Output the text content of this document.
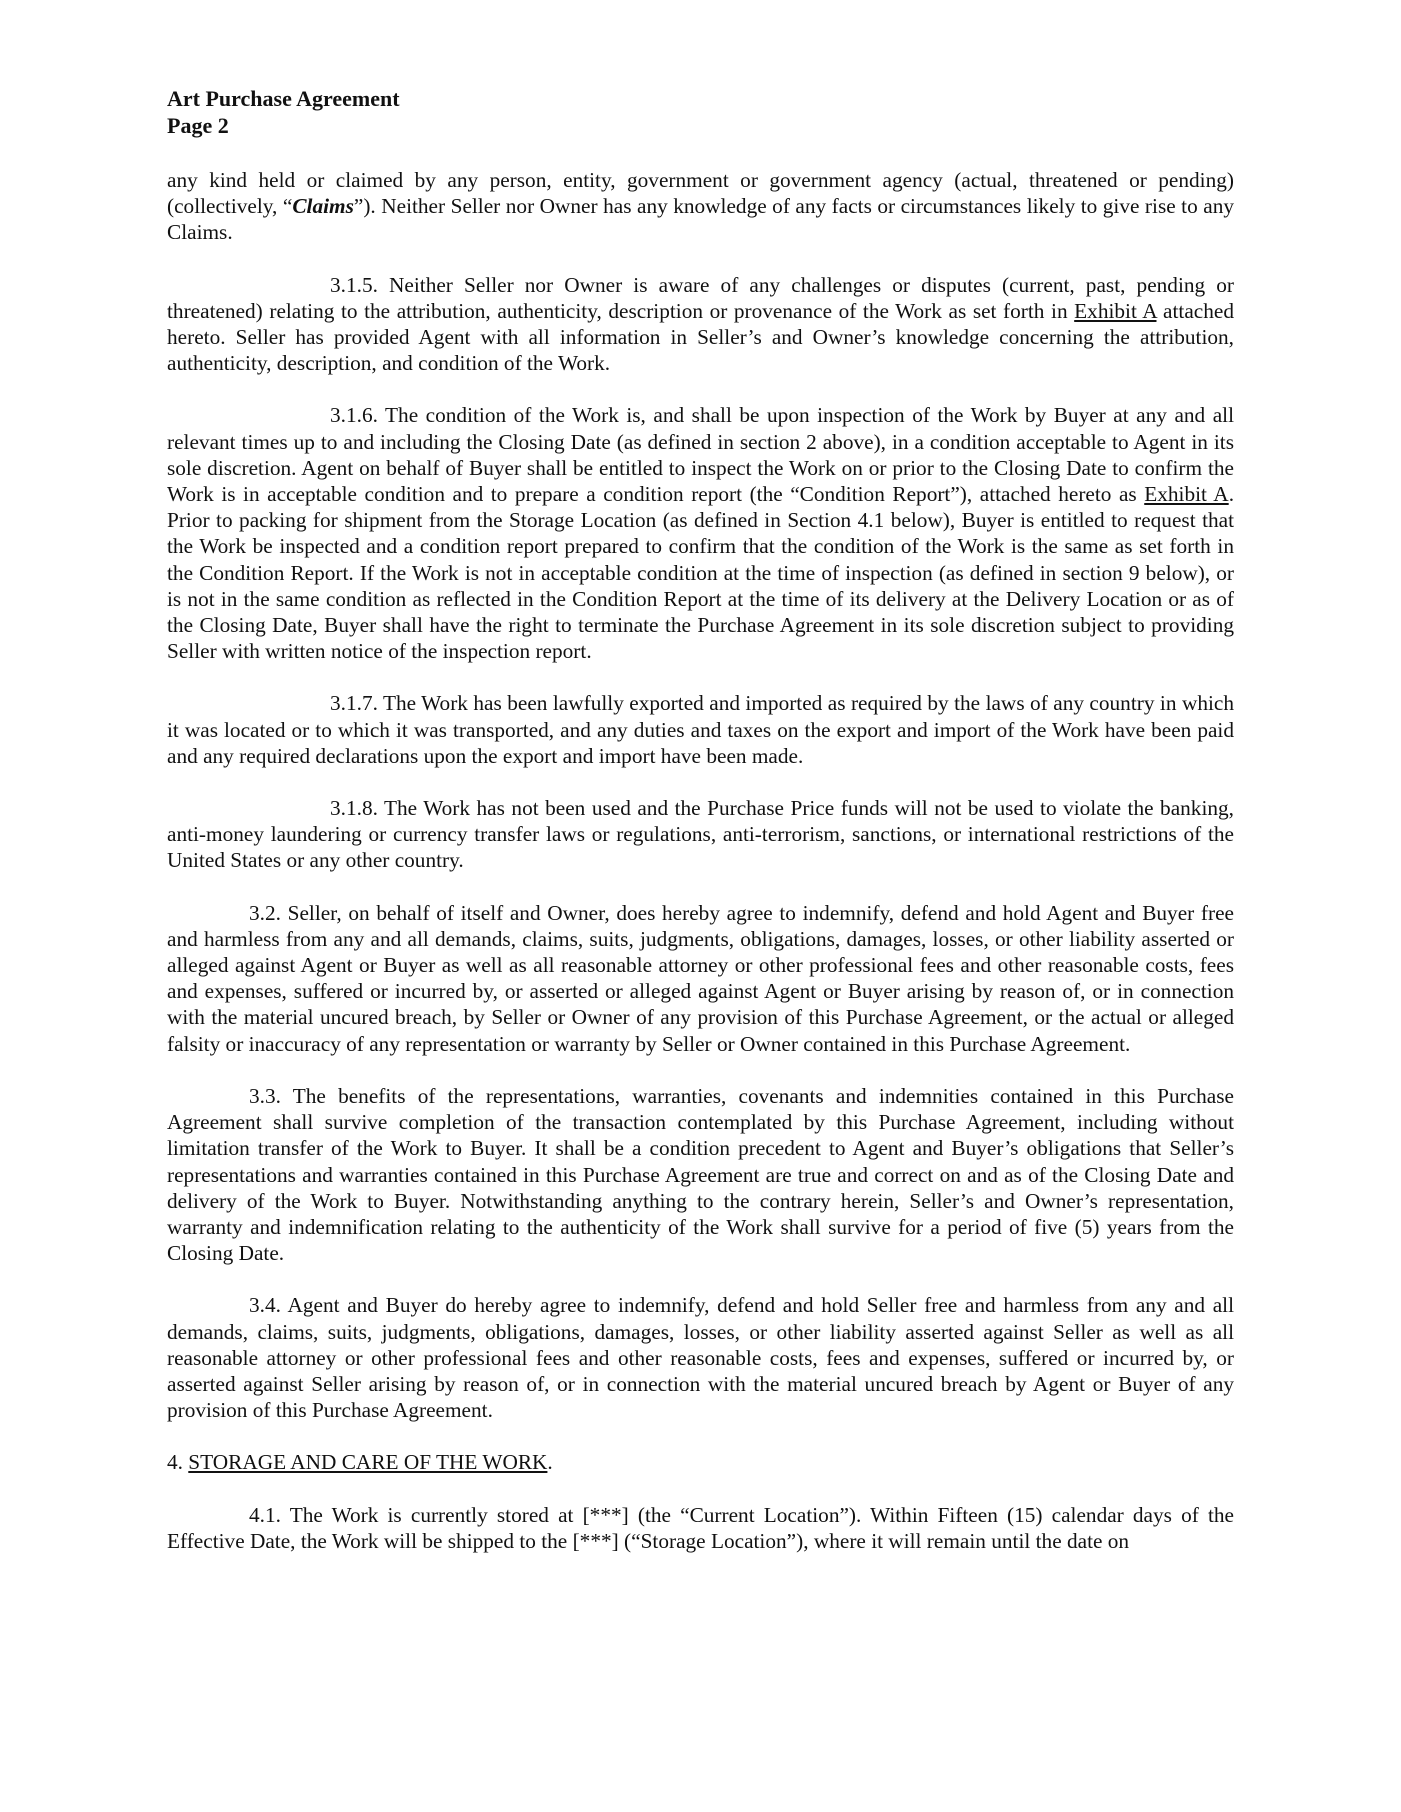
Art Purchase Agreement
Page 2

any kind held or claimed by any person, entity, government or government agency (actual, threatened or pending) (collectively, “Claims”). Neither Seller nor Owner has any knowledge of any facts or circumstances likely to give rise to any Claims.

3.1.5. Neither Seller nor Owner is aware of any challenges or disputes (current, past, pending or threatened) relating to the attribution, authenticity, description or provenance of the Work as set forth in Exhibit A attached hereto. Seller has provided Agent with all information in Seller’s and Owner’s knowledge concerning the attribution, authenticity, description, and condition of the Work.

3.1.6. The condition of the Work is, and shall be upon inspection of the Work by Buyer at any and all relevant times up to and including the Closing Date (as defined in section 2 above), in a condition acceptable to Agent in its sole discretion. Agent on behalf of Buyer shall be entitled to inspect the Work on or prior to the Closing Date to confirm the Work is in acceptable condition and to prepare a condition report (the “Condition Report”), attached hereto as Exhibit A. Prior to packing for shipment from the Storage Location (as defined in Section 4.1 below), Buyer is entitled to request that the Work be inspected and a condition report prepared to confirm that the condition of the Work is the same as set forth in the Condition Report. If the Work is not in acceptable condition at the time of inspection (as defined in section 9 below), or is not in the same condition as reflected in the Condition Report at the time of its delivery at the Delivery Location or as of the Closing Date, Buyer shall have the right to terminate the Purchase Agreement in its sole discretion subject to providing Seller with written notice of the inspection report.

3.1.7. The Work has been lawfully exported and imported as required by the laws of any country in which it was located or to which it was transported, and any duties and taxes on the export and import of the Work have been paid and any required declarations upon the export and import have been made.

3.1.8. The Work has not been used and the Purchase Price funds will not be used to violate the banking, anti-money laundering or currency transfer laws or regulations, anti-terrorism, sanctions, or international restrictions of the United States or any other country.

3.2. Seller, on behalf of itself and Owner, does hereby agree to indemnify, defend and hold Agent and Buyer free and harmless from any and all demands, claims, suits, judgments, obligations, damages, losses, or other liability asserted or alleged against Agent or Buyer as well as all reasonable attorney or other professional fees and other reasonable costs, fees and expenses, suffered or incurred by, or asserted or alleged against Agent or Buyer arising by reason of, or in connection with the material uncured breach, by Seller or Owner of any provision of this Purchase Agreement, or the actual or alleged falsity or inaccuracy of any representation or warranty by Seller or Owner contained in this Purchase Agreement.

3.3. The benefits of the representations, warranties, covenants and indemnities contained in this Purchase Agreement shall survive completion of the transaction contemplated by this Purchase Agreement, including without limitation transfer of the Work to Buyer. It shall be a condition precedent to Agent and Buyer’s obligations that Seller’s representations and warranties contained in this Purchase Agreement are true and correct on and as of the Closing Date and delivery of the Work to Buyer. Notwithstanding anything to the contrary herein, Seller’s and Owner’s representation, warranty and indemnification relating to the authenticity of the Work shall survive for a period of five (5) years from the Closing Date.

3.4. Agent and Buyer do hereby agree to indemnify, defend and hold Seller free and harmless from any and all demands, claims, suits, judgments, obligations, damages, losses, or other liability asserted against Seller as well as all reasonable attorney or other professional fees and other reasonable costs, fees and expenses, suffered or incurred by, or asserted against Seller arising by reason of, or in connection with the material uncured breach by Agent or Buyer of any provision of this Purchase Agreement.

4. STORAGE AND CARE OF THE WORK.

4.1. The Work is currently stored at [***] (the “Current Location”). Within Fifteen (15) calendar days of the Effective Date, the Work will be shipped to the [***] (“Storage Location”), where it will remain until the date on
